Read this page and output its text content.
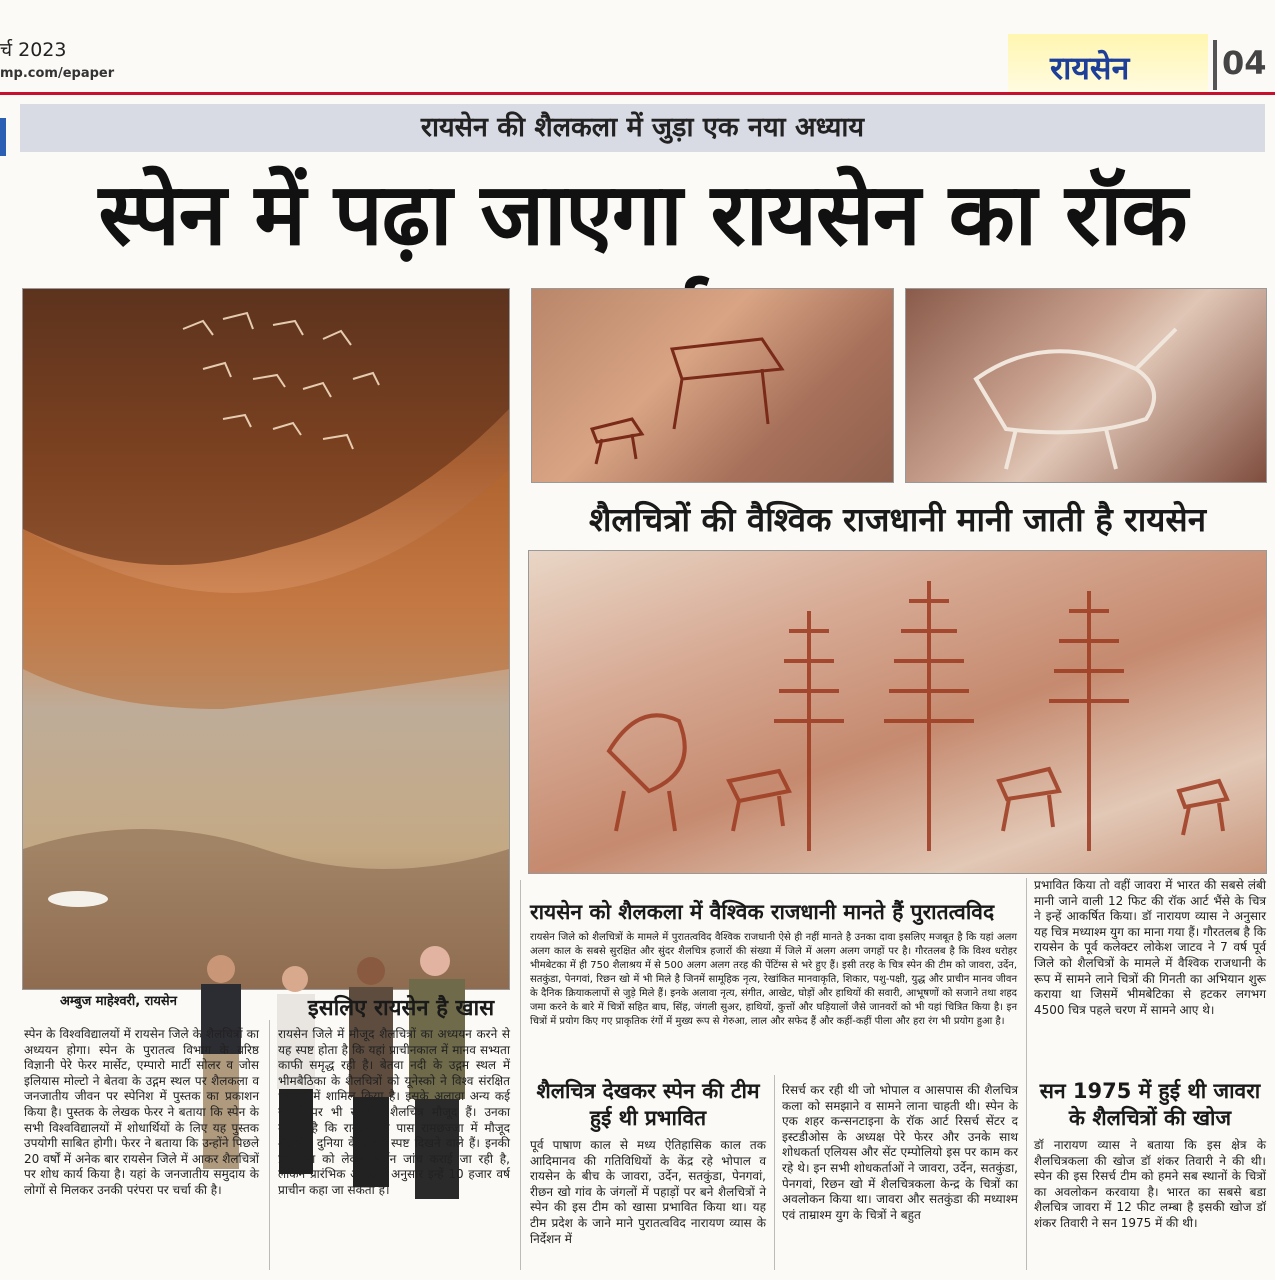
र्च 2023
mp.com/epaper	रायसेन	04
रायसेन की शैलकला में जुड़ा एक नया अध्याय
स्पेन में पढ़ा जाएगा रायसेन का रॉक
अम्बुज माहेश्वरी, रायसेन
शैलचित्रों की वैश्विक राजधानी मानी जाती है रायसेन
रायसेन को शैलकला में वैश्विक राजधानी मानते हैं पुरातत्वविद
रायसेन जिले को शैलचित्रों के मामले में पुरातत्वविद वैश्विक राजधानी ऐसे ही नहीं मानते है उनका दावा इसलिए मजबूत है कि यहां अलग अलग काल के सबसे सुरक्षित और सुंदर शैलचित्र हजारों की संख्या में जिले में अलग अलग जगहों पर है। गौरतलब है कि विश्व धरोहर भीमबेटका में ही 750 शैलाश्रय में से 500 अलग अलग तरह की पेंटिंग्स से भरे हुए हैं। इसी तरह के चित्र स्पेन की टीम को जावरा, उर्देन, सतकुंडा, पेनगवां, रिछन खो में भी मिले है जिनमें सामूहिक नृत्य, रेखांकित मानवाकृति, शिकार, पशु-पक्षी, युद्ध और प्राचीन मानव जीवन के दैनिक क्रियाकलापों से जुड़े मिले हैं। इनके अलावा नृत्य, संगीत, आखेट, घोड़ों और हाथियों की सवारी, आभूषणों को सजाने तथा शहद जमा करने के बारे में चित्रों सहित बाघ, सिंह, जंगली सुअर, हाथियों, कुत्तों और घड़ियालों जैसे जानवरों को भी यहां चित्रित किया है। इन चित्रों में प्रयोग किए गए प्राकृतिक रंगों में मुख्य रूप से गेरुआ, लाल और सफेद हैं और कहीं-कहीं पीला और हरा रंग भी प्रयोग हुआ है।
इसलिए रायसेन है खास
स्पेन के विश्वविद्यालयों में रायसेन जिले के शैलचित्रों का अध्ययन होगा। स्पेन के पुरातत्व विभाग के वरिष्ठ विज्ञानी पेरे फेरर मार्सेट, एम्पारो मार्टी सोलर व जोस इलियास मोल्टो ने बेतवा के उद्गम स्थल पर शैलकला व जनजातीय जीवन पर स्पेनिश में पुस्तक का प्रकाशन किया है। पुस्तक के लेखक फेरर ने बताया कि स्पेन के सभी विश्वविद्यालयों में शोधार्थियों के लिए यह पुस्तक उपयोगी साबित होगी। फेरर ने बताया कि उन्होंने पिछले 20 वर्षों में अनेक बार रायसेन जिले में आकर शैलचित्रों पर शोध कार्य किया है। यहां के जनजातीय समुदाय के लोगों से मिलकर उनकी परंपरा पर चर्चा की है।
रायसेन जिले में मौजूद शैलचित्रों का अध्ययन करने से यह स्पष्ट होता है कि यहां प्राचीनकाल में मानव सभ्यता काफी समृद्ध रही है। बेतवा नदी के उद्गम स्थल में भीमबैठिका के शैलचित्रों को यूनेस्को ने विश्व संरक्षित धरोहरों में शामिल किया है। इसके अलावा अन्य कई स्थानों पर भी सुरक्षित शैलचित्र मौजूद हैं। उनका मानना है कि रायसेन के पास रामछज्जा में मौजूद शैलचित्र दुनिया के सबसे स्पष्ट दिखने वाले हैं। इनकी प्राचीनता को लेकर कार्बन जांच कराई जा रही है, लेकिन प्रारंभिक आंकलन अनुसार इन्हें 10 हजार वर्ष प्राचीन कहा जा सकता है।
शैलचित्र देखकर स्पेन की टीम हुई थी प्रभावित
पूर्व पाषाण काल से मध्य ऐतिहासिक काल तक आदिमानव की गतिविधियों के केंद्र रहे भोपाल व रायसेन के बीच के जावरा, उर्देन, सतकुंडा, पेनगवां, रीछन खो गांव के जंगलों में पहाड़ों पर बने शैलचित्रों ने स्पेन की इस टीम को खासा प्रभावित किया था। यह टीम प्रदेश के जाने माने पुरातत्वविद नारायण व्यास के निर्देशन में
रिसर्च कर रही थी जो भोपाल व आसपास की शैलचित्र कला को समझाने व सामने लाना चाहती थी। स्पेन के एक शहर कन्सनटाइना के रॉक आर्ट रिसर्च सेंटर द इस्टडीओस के अध्यक्ष पेरे फेरर और उनके साथ शोधकर्ता एलियस और सेंट एम्पोलियो इस पर काम कर रहे थे। इन सभी शोधकर्ताओं ने जावरा, उर्देन, सतकुंडा, पेनगवां, रिछन खो में शैलचित्रकला केन्द्र के चित्रों का अवलोकन किया था। जावरा और सतकुंडा की मध्याश्म एवं ताम्राश्म युग के चित्रों ने बहुत
प्रभावित किया तो वहीं जावरा में भारत की सबसे लंबी मानी जाने वाली 12 फिट की रॉक आर्ट भैंसे के चित्र ने इन्हें आकर्षित किया। डॉ नारायण व्यास ने अनुसार यह चित्र मध्याश्म युग का माना गया हैं। गौरतलब है कि रायसेन के पूर्व कलेक्टर लोकेश जाटव ने 7 वर्ष पूर्व जिले को शैलचित्रों के मामले में वैश्विक राजधानी के रूप में सामने लाने चित्रों की गिनती का अभियान शुरू कराया था जिसमें भीमबेटिका से हटकर लगभग 4500 चित्र पहले चरण में सामने आए थे।
सन 1975 में हुई थी जावरा के शैलचित्रों की खोज
डॉ नारायण व्यास ने बताया कि इस क्षेत्र के शैलचित्रकला की खोज डॉ शंकर तिवारी ने की थी। स्पेन की इस रिसर्च टीम को हमने सब स्थानों के चित्रों का अवलोकन करवाया है। भारत का सबसे बडा शैलचित्र जावरा में 12 फीट लम्बा है इसकी खोज डॉ शंकर तिवारी ने सन 1975 में की थी।
